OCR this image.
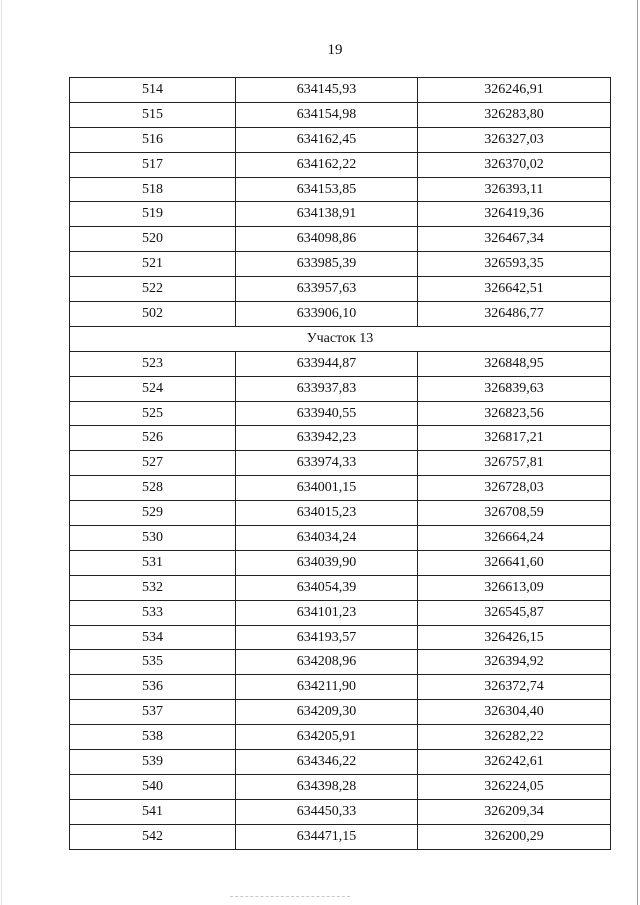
19
514	634145,93	326246,91
515	634154,98	326283,80
516	634162,45	326327,03
517	634162,22	326370,02
518	634153,85	326393,11
519	634138,91	326419,36
520	634098,86	326467,34
521	633985,39	326593,35
522	633957,63	326642,51
502	633906,10	326486,77
Участок 13		
523	633944,87	326848,95
524	633937,83	326839,63
525	633940,55	326823,56
526	633942,23	326817,21
527	633974,33	326757,81
528	634001,15	326728,03
529	634015,23	326708,59
530	634034,24	326664,24
531	634039,90	326641,60
532	634054,39	326613,09
533	634101,23	326545,87
534	634193,57	326426,15
535	634208,96	326394,92
536	634211,90	326372,74
537	634209,30	326304,40
538	634205,91	326282,22
539	634346,22	326242,61
540	634398,28	326224,05
541	634450,33	326209,34
542	634471,15	326200,29
